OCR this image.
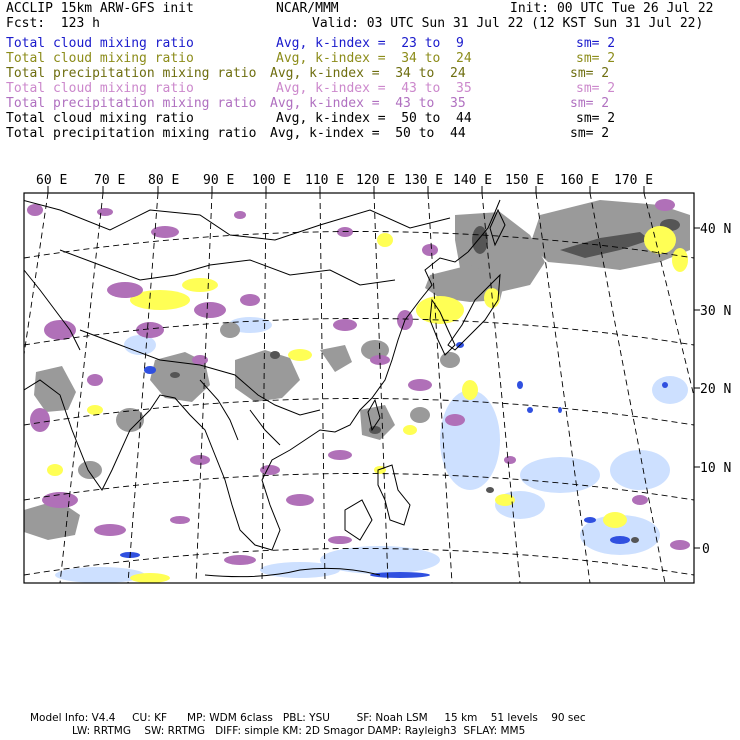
ACCLIP 15km ARW-GFS init	NCAR/MMM	Init: 00 UTC Tue 26 Jul 22
Fcst:  123 h	Valid: 03 UTC Sun 31 Jul 22 (12 KST Sun 31 Jul 22)
Total cloud mixing ratio	Avg, k-index =  23 to  9	sm= 2
Total cloud mixing ratio	Avg, k-index =  34 to  24	sm= 2
Total precipitation mixing ratio Avg, k-index =  34 to  24	sm= 2
Total cloud mixing ratio	Avg, k-index =  43 to  35	sm= 2
Total precipitation mixing ratio Avg, k-index =  43 to  35	sm= 2
Total cloud mixing ratio	Avg, k-index =  50 to  44	sm= 2
Total precipitation mixing ratio Avg, k-index =  50 to  44	sm= 2
60 E 70 E 80 E 90 E 100 E 110 E 120 E 130 E 140 E 150 E 160 E 170 E
40 N
30 N
20 N
10 N
0
Model Info: V4.4     CU: KF      MP: WDM 6class   PBL: YSU        SF: Noah LSM     15 km    51 levels    90 sec
LW: RRTMG    SW: RRTMG   DIFF: simple KM: 2D Smagor DAMP: Rayleigh3  SFLAY: MM5
